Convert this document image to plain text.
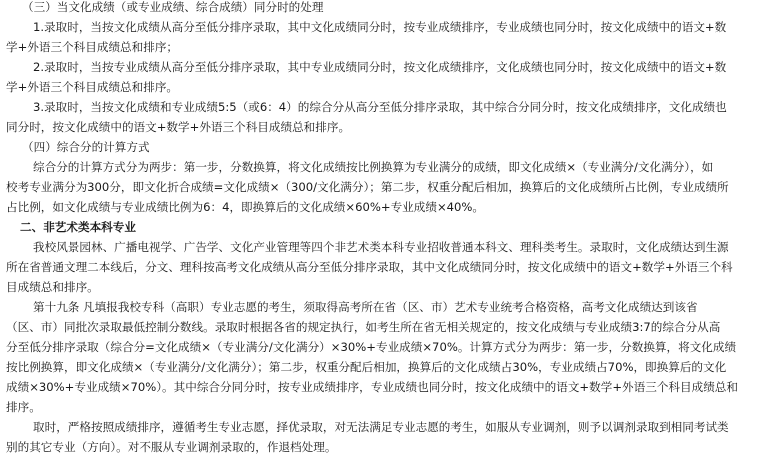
（三）当文化成绩（或专业成绩、综合成绩）同分时的处理
1.录取时，当按文化成绩从高分至低分排序录取，其中文化成绩同分时，按专业成绩排序，专业成绩也同分时，按文化成绩中的语文+数
学+外语三个科目成绩总和排序；
2.录取时，当按专业成绩从高分至低分排序录取，其中专业成绩同分时，按文化成绩排序，文化成绩也同分时，按文化成绩中的语文+数
学+外语三个科目成绩总和排序。
3.录取时，当按文化成绩和专业成绩5:5（或6：4）的综合分从高分至低分排序录取，其中综合分同分时，按文化成绩排序，文化成绩也
同分时，按文化成绩中的语文+数学+外语三个科目成绩总和排序。
（四）综合分的计算方式
综合分的计算方式分为两步：第一步，分数换算，将文化成绩按比例换算为专业满分的成绩，即文化成绩×（专业满分/文化满分），如
校考专业满分为300分，即文化折合成绩=文化成绩×（300/文化满分）；第二步，权重分配后相加，换算后的文化成绩所占比例，专业成绩所
占比例，如文化成绩与专业成绩比例为6：4，即换算后的文化成绩×60%+专业成绩×40%。
二、非艺术类本科专业
我校风景园林、广播电视学、广告学、文化产业管理等四个非艺术类本科专业招收普通本科文、理科类考生。录取时，文化成绩达到生源
所在省普通文理二本线后，分文、理科按高考文化成绩从高分至低分排序录取，其中文化成绩同分时，按文化成绩中的语文+数学+外语三个科
目成绩总和排序。
第十九条 凡填报我校专科（高职）专业志愿的考生，须取得高考所在省（区、市）艺术专业统考合格资格，高考文化成绩达到该省
（区、市）同批次录取最低控制分数线。录取时根据各省的规定执行，如考生所在省无相关规定的，按文化成绩与专业成绩3:7的综合分从高
分至低分排序录取（综合分=文化成绩×（专业满分/文化满分）×30%+专业成绩×70%。计算方式分为两步：第一步，分数换算，将文化成绩
按比例换算，即文化成绩×（专业满分/文化满分）；第二步，权重分配后相加，换算后的文化成绩占30%，专业成绩占70%，即换算后的文化
成绩×30%+专业成绩×70%）。其中综合分同分时，按专业成绩排序，专业成绩也同分时，按文化成绩中的语文+数学+外语三个科目成绩总和
排序。
取时，严格按照成绩排序，遵循考生专业志愿，择优录取，对无法满足专业志愿的考生，如服从专业调剂，则予以调剂录取到相同考试类
别的其它专业（方向）。对不服从专业调剂录取的，作退档处理。
